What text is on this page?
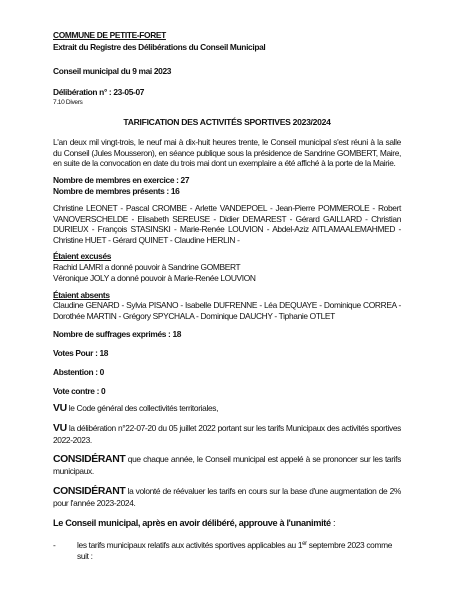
COMMUNE DE PETITE-FORET
Extrait du Registre des Délibérations du Conseil Municipal
Conseil municipal du 9 mai 2023
Délibération n° : 23-05-07
7.10 Divers
TARIFICATION DES ACTIVITÉS SPORTIVES 2023/2024
L'an deux mil vingt-trois, le neuf mai à dix-huit heures trente, le Conseil municipal s'est réuni à la salle du Conseil (Jules Mousseron), en séance publique sous la présidence de Sandrine GOMBERT, Maire, en suite de la convocation en date du trois mai dont un exemplaire a été affiché à la porte de la Mairie.
Nombre de membres en exercice : 27
Nombre de membres présents : 16
Christine LEONET - Pascal CROMBE - Arlette VANDEPOEL - Jean-Pierre POMMEROLE - Robert VANOVERSCHELDE - Elisabeth SEREUSE - Didier DEMAREST - Gérard GAILLARD - Christian DURIEUX - François STASINSKI - Marie-Renée LOUVION - Abdel-Aziz AITLAMAALEMAHMED - Christine HUET - Gérard QUINET - Claudine HERLIN -
Étaient excusés
Rachid LAMRI a donné pouvoir à Sandrine GOMBERT
Véronique JOLY a donné pouvoir à Marie-Renée LOUVION
Étaient absents
Claudine GENARD - Sylvia PISANO - Isabelle DUFRENNE - Léa DEQUAYE - Dominique CORREA - Dorothée MARTIN - Grégory SPYCHALA - Dominique DAUCHY - Tiphanie OTLET
Nombre de suffrages exprimés : 18
Votes Pour : 18
Abstention : 0
Vote contre : 0
VU le Code général des collectivités territoriales,
VU la délibération n°22-07-20 du 05 juillet 2022 portant sur les tarifs Municipaux des activités sportives 2022-2023.
CONSIDÉRANT que chaque année, le Conseil municipal est appelé à se prononcer sur les tarifs municipaux.
CONSIDÉRANT la volonté de réévaluer les tarifs en cours sur la base d'une augmentation de 2% pour l'année 2023-2024.
Le Conseil municipal, après en avoir délibéré, approuve à l'unanimité :
-	les tarifs municipaux relatifs aux activités sportives applicables au 1er septembre 2023 comme suit :
